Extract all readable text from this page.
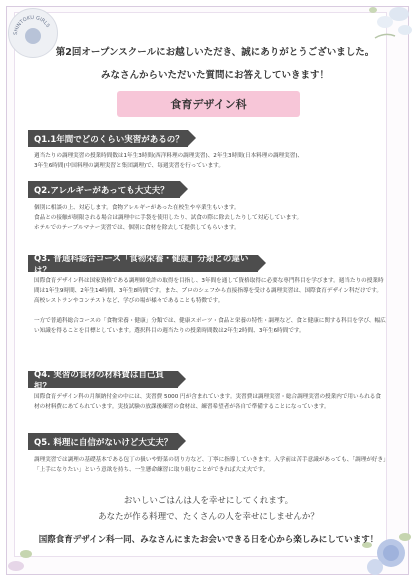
SHINTOKU GIRLS
第2回オープンスクールにお越しいただき、誠にありがとうございました。
みなさんからいただいた質問にお答えしていきます！
食育デザイン科
Q1.1年間でどのくらい実習があるの？

週当たりの調理実習の授業時間数は1年生3時間(西洋料理の調理実習)、2年生3時間(日本料理の調理実習)、

3年生6時間(中国料理の調理実習と集団調理)で、毎週実習を行っています。

Q2.アレルギーがあっても大丈夫？

個別に相談の上、対応します。食物アレルギーがあった在校生や卒業生もいます。

食品との接触が制限される場合は調理中に手袋を使用したり、試食の際に除去したりして対応しています。

ホテルでのテーブルマナー実習では、個別に食材を除去して提供してもらいます。

Q3. 普通科総合コース「食物栄養・健康」分類との違いは？

国際食育デザイン科は国家資格である調理師免許の取得を目指し、3年間を通して資格取得に必要な専門科目を学びます。週当たりの授業時間は1年生9時間、2年生14時間、3年生8時間です。また、プロのシェフから直接指導を受ける調理実習は、国際食育デザイン科だけです。高校レストランやコンテストなど、学びの場が様々であることも特徴です。

一方で普通科総合コースの「食物栄養・健康」分類では、健康スポーツ・食品と栄養の特性・調理など、食と健康に関する科目を学び、幅広い知識を得ることを目標としています。選択科目の週当たりの授業時間数は2年生2時間、3年生6時間です。

Q4. 実習の食材の材料費は自己負担？

国際食育デザイン科の月額納付金の中には、実習費 5000 円が含まれています。実習費は調理実習・総合調理実習の授業内で用いられる食材の材料費にあてられています。実技試験の放課後練習の食材は、練習希望者が各自で準備することになっています。

Q5. 料理に自信がないけど大丈夫？

調理実習では調理の基礎基本である包丁の扱いや野菜の切り方など、丁寧に指導していきます。入学前は苦手意識があっても、「調理が好き」「上手になりたい」という意欲を持ち、一生懸命練習に取り組むことができれば大丈夫です。

おいしいごはんは人を幸せにしてくれます。
あなたが作る料理で、たくさんの人を幸せにしませんか？
国際食育デザイン科一同、みなさんにまたお会いできる日を心から楽しみにしています！
